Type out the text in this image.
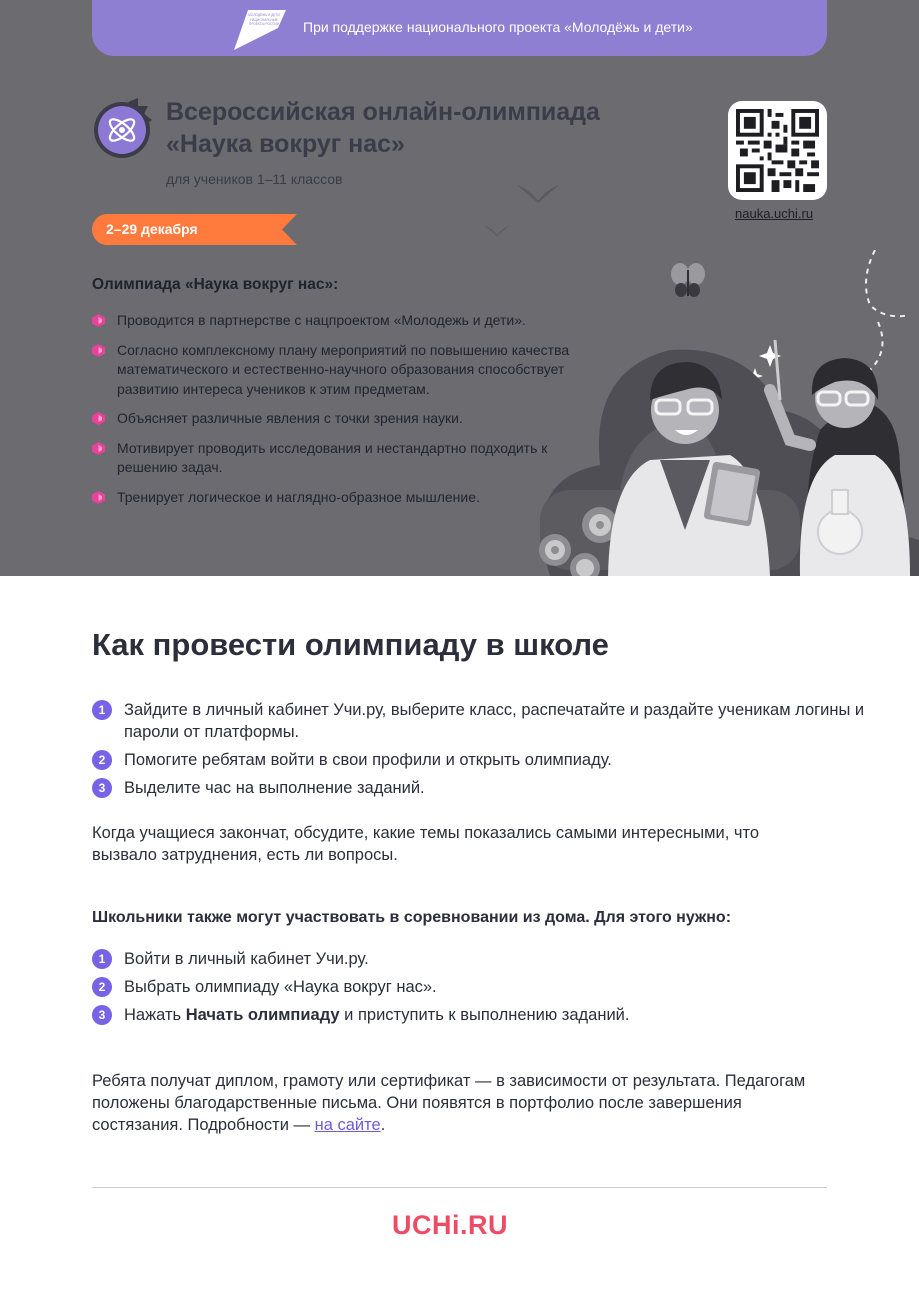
МОЛОДЁЖЬ И ДЕТИ
НАЦИОНАЛЬНЫЕ
ПРОЕКТЫ РОССИИ При поддержке национального проекта «Молодёжь и дети»
Всероссийская онлайн-олимпиада
«Наука вокруг нас»
для учеников 1–11 классов
nauka.uchi.ru
2–29 декабря
Олимпиада «Наука вокруг нас»:
Проводится в партнерстве с нацпроектом «Молодежь и дети».
Согласно комплексному плану мероприятий по повышению качества математического и естественно-научного образования способствует развитию интереса учеников к этим предметам.
Объясняет различные явления с точки зрения науки.
Мотивирует проводить исследования и нестандартно подходить к решению задач.
Тренирует логическое и наглядно-образное мышление.
Как провести олимпиаду в школе
1	Зайдите в личный кабинет Учи.ру, выберите класс, распечатайте и раздайте ученикам логины и пароли от платформы.
2	Помогите ребятам войти в свои профили и открыть олимпиаду.
3	Выделите час на выполнение заданий.

Когда учащиеся закончат, обсудите, какие темы показались самыми интересными, что вызвало затруднения, есть ли вопросы.

Школьники также могут участвовать в соревновании из дома. Для этого нужно:

1	Войти в личный кабинет Учи.ру.
2	Выбрать олимпиаду «Наука вокруг нас».
3	Нажать Начать олимпиаду и приступить к выполнению заданий.

Ребята получат диплом, грамоту или сертификат — в зависимости от результата. Педагогам положены благодарственные письма. Они появятся в портфолио после завершения состязания. Подробности — на сайте.

UCHi.RU
